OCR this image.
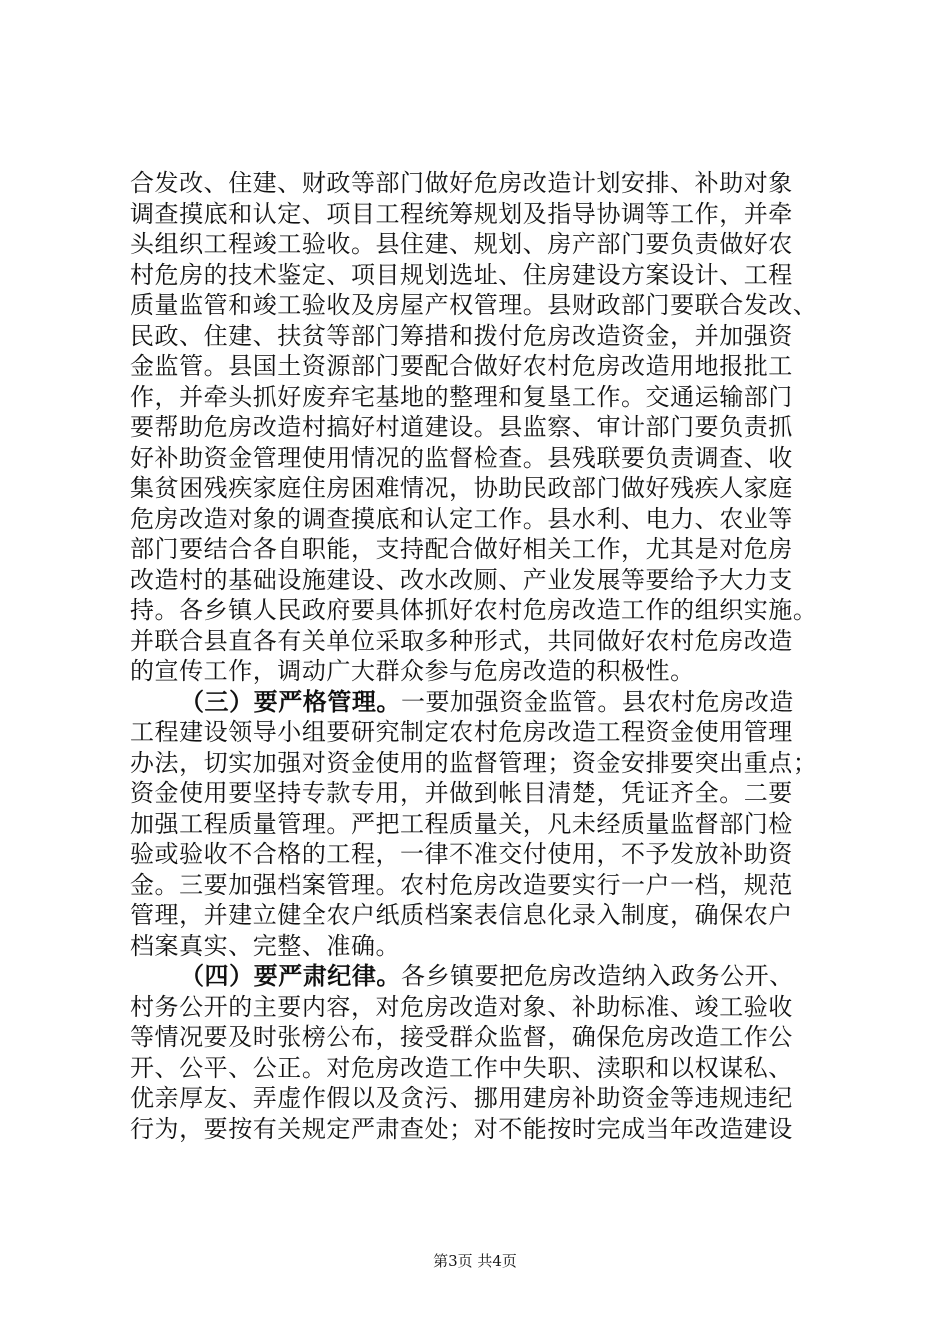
合发改、住建、财政等部门做好危房改造计划安排、补助对象
调查摸底和认定、项目工程统筹规划及指导协调等工作，并牵
头组织工程竣工验收。县住建、规划、房产部门要负责做好农
村危房的技术鉴定、项目规划选址、住房建设方案设计、工程
质量监管和竣工验收及房屋产权管理。县财政部门要联合发改、
民政、住建、扶贫等部门筹措和拨付危房改造资金，并加强资
金监管。县国土资源部门要配合做好农村危房改造用地报批工
作，并牵头抓好废弃宅基地的整理和复垦工作。交通运输部门
要帮助危房改造村搞好村道建设。县监察、审计部门要负责抓
好补助资金管理使用情况的监督检查。县残联要负责调查、收
集贫困残疾家庭住房困难情况，协助民政部门做好残疾人家庭
危房改造对象的调查摸底和认定工作。县水利、电力、农业等
部门要结合各自职能，支持配合做好相关工作，尤其是对危房
改造村的基础设施建设、改水改厕、产业发展等要给予大力支
持。各乡镇人民政府要具体抓好农村危房改造工作的组织实施。
并联合县直各有关单位采取多种形式，共同做好农村危房改造
的宣传工作，调动广大群众参与危房改造的积极性。
（三）要严格管理。一要加强资金监管。县农村危房改造
工程建设领导小组要研究制定农村危房改造工程资金使用管理
办法，切实加强对资金使用的监督管理；资金安排要突出重点；
资金使用要坚持专款专用，并做到帐目清楚，凭证齐全。二要
加强工程质量管理。严把工程质量关，凡未经质量监督部门检
验或验收不合格的工程，一律不准交付使用，不予发放补助资
金。三要加强档案管理。农村危房改造要实行一户一档，规范
管理，并建立健全农户纸质档案表信息化录入制度，确保农户
档案真实、完整、准确。
（四）要严肃纪律。各乡镇要把危房改造纳入政务公开、
村务公开的主要内容，对危房改造对象、补助标准、竣工验收
等情况要及时张榜公布，接受群众监督，确保危房改造工作公
开、公平、公正。对危房改造工作中失职、渎职和以权谋私、
优亲厚友、弄虚作假以及贪污、挪用建房补助资金等违规违纪
行为，要按有关规定严肃查处；对不能按时完成当年改造建设
第3页 共4页
